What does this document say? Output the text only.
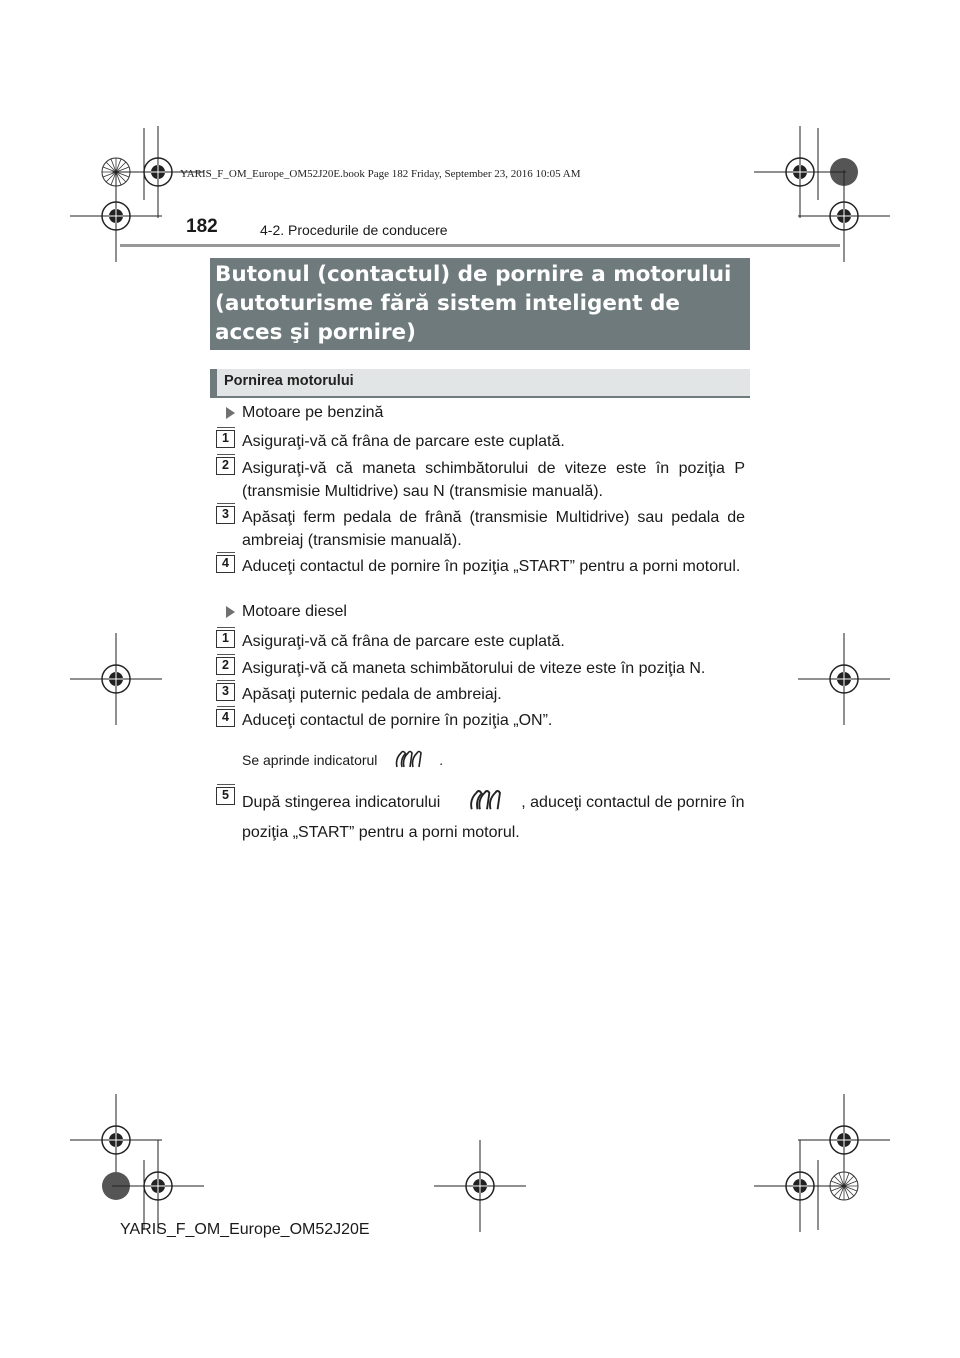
YARIS_F_OM_Europe_OM52J20E.book Page 182 Friday, September 23, 2016 10:05 AM
182	4-2. Procedurile de conducere
Butonul (contactul) de pornire a motorului
(autoturisme fără sistem inteligent de
acces şi pornire)
Pornirea motorului
Motoare pe benzină
1 Asiguraţi-vă că frâna de parcare este cuplată.
2 Asiguraţi-vă că maneta schimbătorului de viteze este în poziţia P (transmisie Multidrive) sau N (transmisie manuală).
3 Apăsaţi ferm pedala de frână (transmisie Multidrive) sau pedala de ambreiaj (transmisie manuală).
4 Aduceţi contactul de pornire în poziţia „START” pentru a porni motorul.
Motoare diesel
1 Asiguraţi-vă că frâna de parcare este cuplată.
2 Asiguraţi-vă că maneta schimbătorului de viteze este în poziţia N.
3 Apăsaţi puternic pedala de ambreiaj.
4 Aduceţi contactul de pornire în poziţia „ON”.
Se aprinde indicatorul	.
5 După stingerea indicatorului	, aduceţi contactul de pornire în
poziţia „START” pentru a porni motorul.
YARIS_F_OM_Europe_OM52J20E
